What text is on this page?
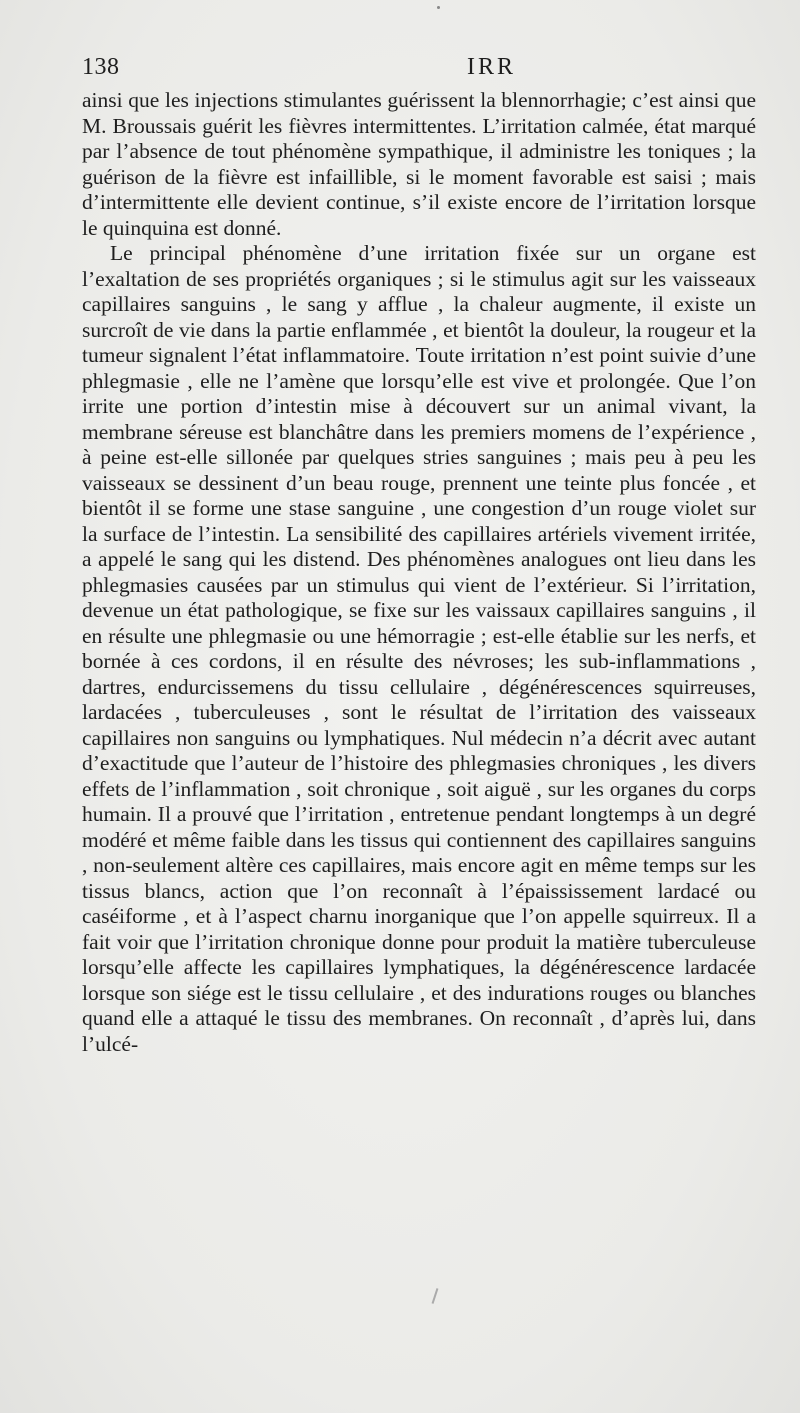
138	IRR

ainsi que les injections stimulantes guérissent la blennorrhagie; c’est ainsi que M. Broussais guérit les fièvres intermittentes. L’irritation calmée, état marqué par l’absence de tout phénomène sympathique, il administre les toniques ; la guérison de la fièvre est infaillible, si le moment favorable est saisi ; mais d’intermittente elle devient continue, s’il existe encore de l’irritation lorsque le quinquina est donné.

Le principal phénomène d’une irritation fixée sur un organe est l’exaltation de ses propriétés organiques ; si le stimulus agit sur les vaisseaux capillaires sanguins , le sang y afflue , la chaleur augmente, il existe un surcroît de vie dans la partie enflammée , et bientôt la douleur, la rougeur et la tumeur signalent l’état inflammatoire. Toute irritation n’est point suivie d’une phlegmasie , elle ne l’amène que lorsqu’elle est vive et prolongée. Que l’on irrite une portion d’intestin mise à découvert sur un animal vivant, la membrane séreuse est blanchâtre dans les premiers momens de l’expérience , à peine est-elle sillonée par quelques stries sanguines ; mais peu à peu les vaisseaux se dessinent d’un beau rouge, prennent une teinte plus foncée , et bientôt il se forme une stase sanguine , une congestion d’un rouge violet sur la surface de l’intestin. La sensibilité des capillaires artériels vivement irritée, a appelé le sang qui les distend. Des phénomènes analogues ont lieu dans les phlegmasies causées par un stimulus qui vient de l’extérieur. Si l’irritation, devenue un état pathologique, se fixe sur les vaissaux capillaires sanguins , il en résulte une phlegmasie ou une hémorragie ; est-elle établie sur les nerfs, et bornée à ces cordons, il en résulte des névroses; les sub-inflammations , dartres, endurcissemens du tissu cellulaire , dégénérescences squirreuses, lardacées , tuberculeuses , sont le résultat de l’irritation des vaisseaux capillaires non sanguins ou lymphatiques. Nul médecin n’a décrit avec autant d’exactitude que l’auteur de l’histoire des phlegmasies chroniques , les divers effets de l’inflammation , soit chronique , soit aiguë , sur les organes du corps humain. Il a prouvé que l’irritation , entretenue pendant longtemps à un degré modéré et même faible dans les tissus qui contiennent des capillaires sanguins , non-seulement altère ces capillaires, mais encore agit en même temps sur les tissus blancs, action que l’on reconnaît à l’épaississement lardacé ou caséiforme , et à l’aspect charnu inorganique que l’on appelle squirreux. Il a fait voir que l’irritation chronique donne pour produit la matière tuberculeuse lorsqu’elle affecte les capillaires lymphatiques, la dégénérescence lardacée lorsque son siége est le tissu cellulaire , et des indurations rouges ou blanches quand elle a attaqué le tissu des membranes. On reconnaît , d’après lui, dans l’ulcé-
